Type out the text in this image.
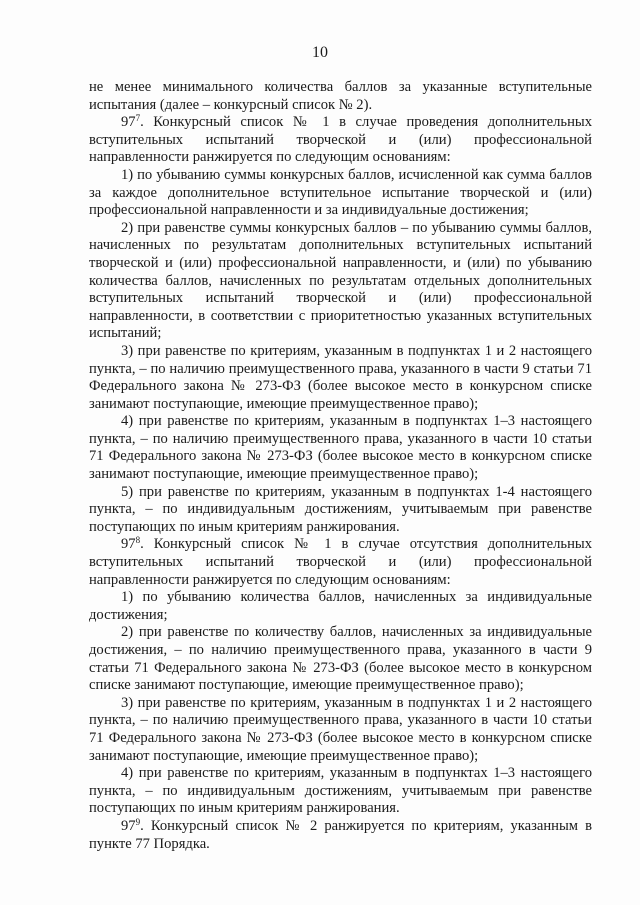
10

не менее минимального количества баллов за указанные вступительные испытания (далее – конкурсный список № 2).

$97^7$. Конкурсный список № 1 в случае проведения дополнительных вступительных испытаний творческой и (или) профессиональной направленности ранжируется по следующим основаниям:

1) по убыванию суммы конкурсных баллов, исчисленной как сумма баллов за каждое дополнительное вступительное испытание творческой и (или) профессиональной направленности и за индивидуальные достижения;

2) при равенстве суммы конкурсных баллов – по убыванию суммы баллов, начисленных по результатам дополнительных вступительных испытаний творческой и (или) профессиональной направленности, и (или) по убыванию количества баллов, начисленных по результатам отдельных дополнительных вступительных испытаний творческой и (или) профессиональной направленности, в соответствии с приоритетностью указанных вступительных испытаний;

3) при равенстве по критериям, указанным в подпунктах 1 и 2 настоящего пункта, – по наличию преимущественного права, указанного в части 9 статьи 71 Федерального закона № 273-ФЗ (более высокое место в конкурсном списке занимают поступающие, имеющие преимущественное право);

4) при равенстве по критериям, указанным в подпунктах 1–3 настоящего пункта, – по наличию преимущественного права, указанного в части 10 статьи 71 Федерального закона № 273-ФЗ (более высокое место в конкурсном списке занимают поступающие, имеющие преимущественное право);

5) при равенстве по критериям, указанным в подпунктах 1-4 настоящего пункта, – по индивидуальным достижениям, учитываемым при равенстве поступающих по иным критериям ранжирования.

$97^8$. Конкурсный список № 1 в случае отсутствия дополнительных вступительных испытаний творческой и (или) профессиональной направленности ранжируется по следующим основаниям:

1) по убыванию количества баллов, начисленных за индивидуальные достижения;

2) при равенстве по количеству баллов, начисленных за индивидуальные достижения, – по наличию преимущественного права, указанного в части 9 статьи 71 Федерального закона № 273-ФЗ (более высокое место в конкурсном списке занимают поступающие, имеющие преимущественное право);

3) при равенстве по критериям, указанным в подпунктах 1 и 2 настоящего пункта, – по наличию преимущественного права, указанного в части 10 статьи 71 Федерального закона № 273-ФЗ (более высокое место в конкурсном списке занимают поступающие, имеющие преимущественное право);

4) при равенстве по критериям, указанным в подпунктах 1–3 настоящего пункта, – по индивидуальным достижениям, учитываемым при равенстве поступающих по иным критериям ранжирования.

$97^9$. Конкурсный список № 2 ранжируется по критериям, указанным в пункте 77 Порядка.
